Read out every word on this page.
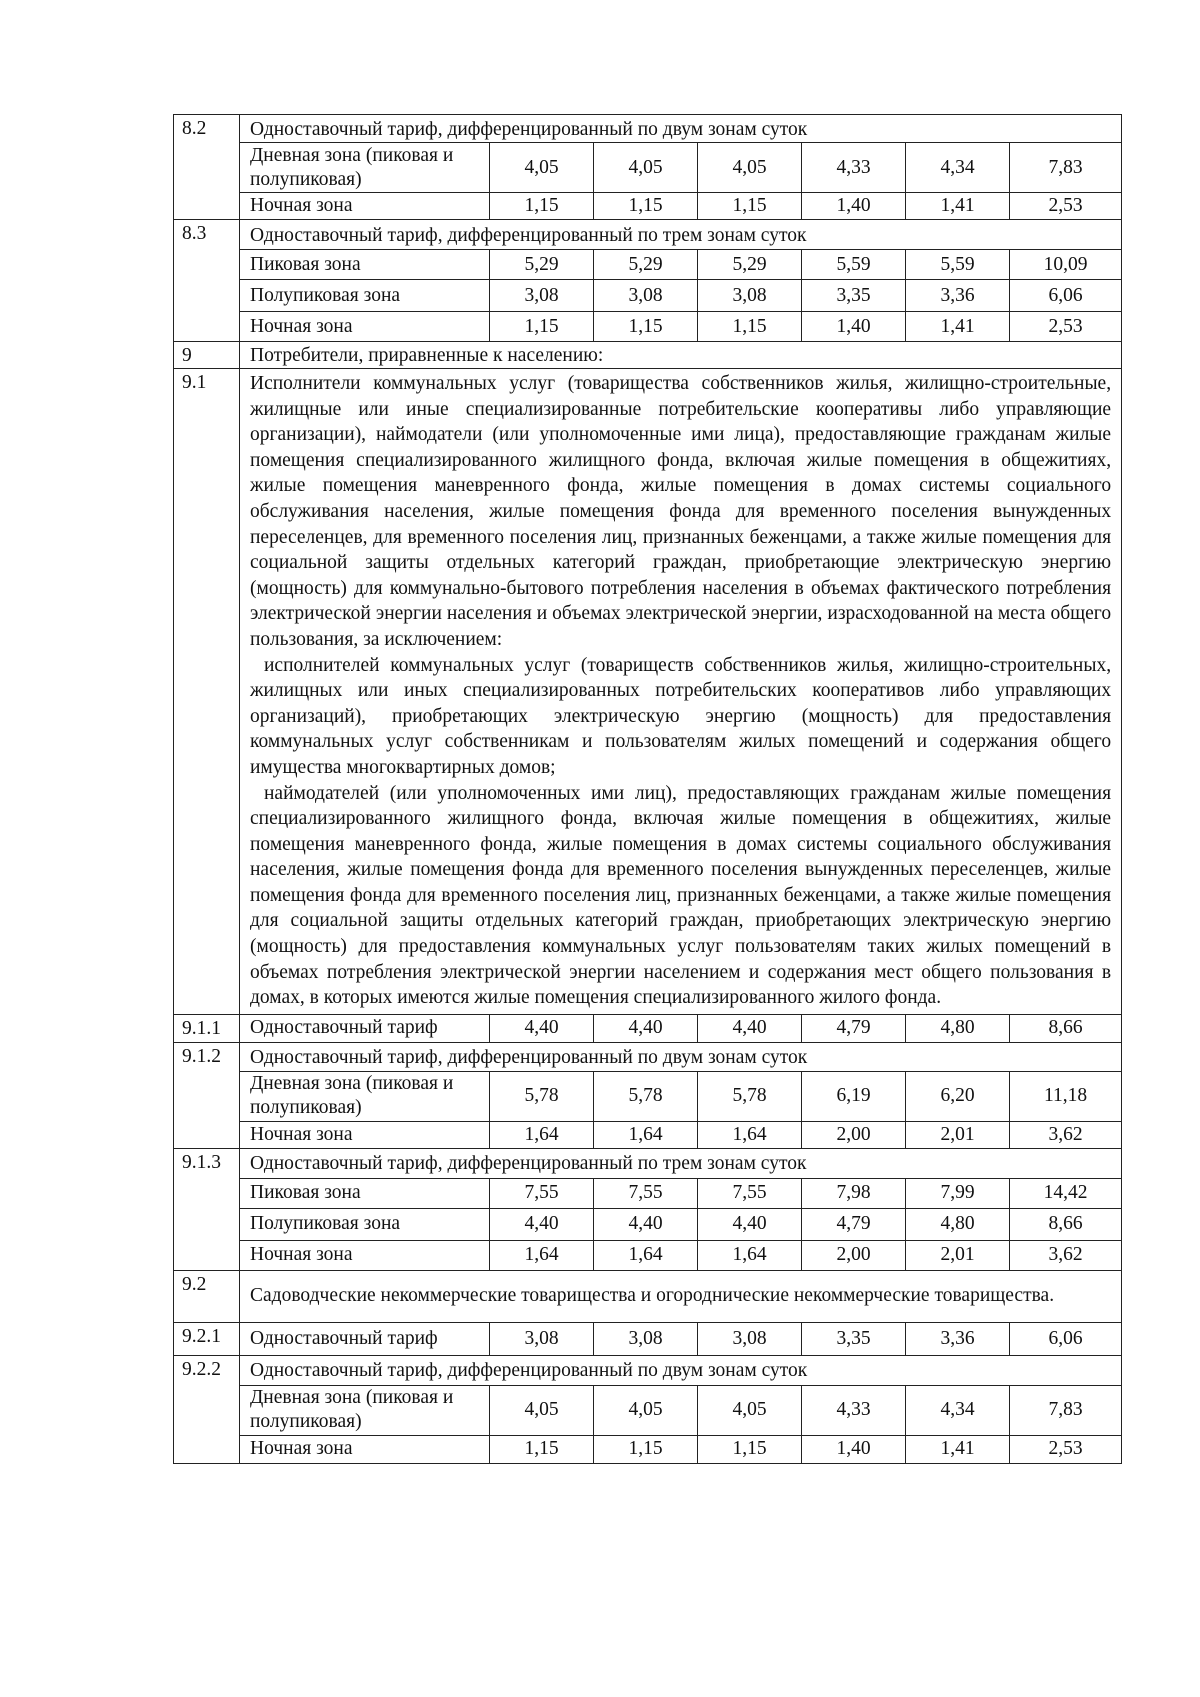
8.2	Одноставочный тариф, дифференцированный по двум зонам суток						
	Дневная зона (пиковая и полупиковая)	4,05	4,05	4,05	4,33	4,34	7,83
	Ночная зона	1,15	1,15	1,15	1,40	1,41	2,53
8.3	Одноставочный тариф, дифференцированный по трем зонам суток						
	Пиковая зона	5,29	5,29	5,29	5,59	5,59	10,09
	Полупиковая зона	3,08	3,08	3,08	3,35	3,36	6,06
	Ночная зона	1,15	1,15	1,15	1,40	1,41	2,53
9	Потребители, приравненные к населению:						
9.1	Исполнители коммунальных услуг (товарищества собственников жилья, жилищно-строительные, жилищные или иные специализированные потребительские кооперативы либо управляющие организации), наймодатели (или уполномоченные ими лица), предоставляющие гражданам жилые помещения специализированного жилищного фонда, включая жилые помещения в общежитиях, жилые помещения маневренного фонда, жилые помещения в домах системы социального обслуживания населения, жилые помещения фонда для временного поселения вынужденных переселенцев, для временного поселения лиц, признанных беженцами, а также жилые помещения для социальной защиты отдельных категорий граждан, приобретающие электрическую энергию (мощность) для коммунально-бытового потребления населения в объемах фактического потребления электрической энергии населения и объемах электрической энергии, израсходованной на места общего пользования, за исключением:

исполнителей коммунальных услуг (товариществ собственников жилья, жилищно-строительных, жилищных или иных специализированных потребительских кооперативов либо управляющих организаций), приобретающих электрическую энергию (мощность) для предоставления коммунальных услуг собственникам и пользователям жилых помещений и содержания общего имущества многоквартирных домов;

наймодателей (или уполномоченных ими лиц), предоставляющих гражданам жилые помещения специализированного жилищного фонда, включая жилые помещения в общежитиях, жилые помещения маневренного фонда, жилые помещения в домах системы социального обслуживания населения, жилые помещения фонда для временного поселения вынужденных переселенцев, жилые помещения фонда для временного поселения лиц, признанных беженцами, а также жилые помещения для социальной защиты отдельных категорий граждан, приобретающих электрическую энергию (мощность) для предоставления коммунальных услуг пользователям таких жилых помещений в объемах потребления электрической энергии населением и содержания мест общего пользования в домах, в которых имеются жилые помещения специализированного жилого фонда.						

9.1.1	Одноставочный тариф	4,40	4,40	4,40	4,79	4,80	8,66
9.1.2	Одноставочный тариф, дифференцированный по двум зонам суток						
	Дневная зона (пиковая и полупиковая)	5,78	5,78	5,78	6,19	6,20	11,18
	Ночная зона	1,64	1,64	1,64	2,00	2,01	3,62
9.1.3	Одноставочный тариф, дифференцированный по трем зонам суток						
	Пиковая зона	7,55	7,55	7,55	7,98	7,99	14,42
	Полупиковая зона	4,40	4,40	4,40	4,79	4,80	8,66
	Ночная зона	1,64	1,64	1,64	2,00	2,01	3,62
9.2	Садоводческие некоммерческие товарищества и огороднические некоммерческие товарищества.						
9.2.1	Одноставочный тариф	3,08	3,08	3,08	3,35	3,36	6,06
9.2.2	Одноставочный тариф, дифференцированный по двум зонам суток						
	Дневная зона (пиковая и полупиковая)	4,05	4,05	4,05	4,33	4,34	7,83
	Ночная зона	1,15	1,15	1,15	1,40	1,41	2,53
